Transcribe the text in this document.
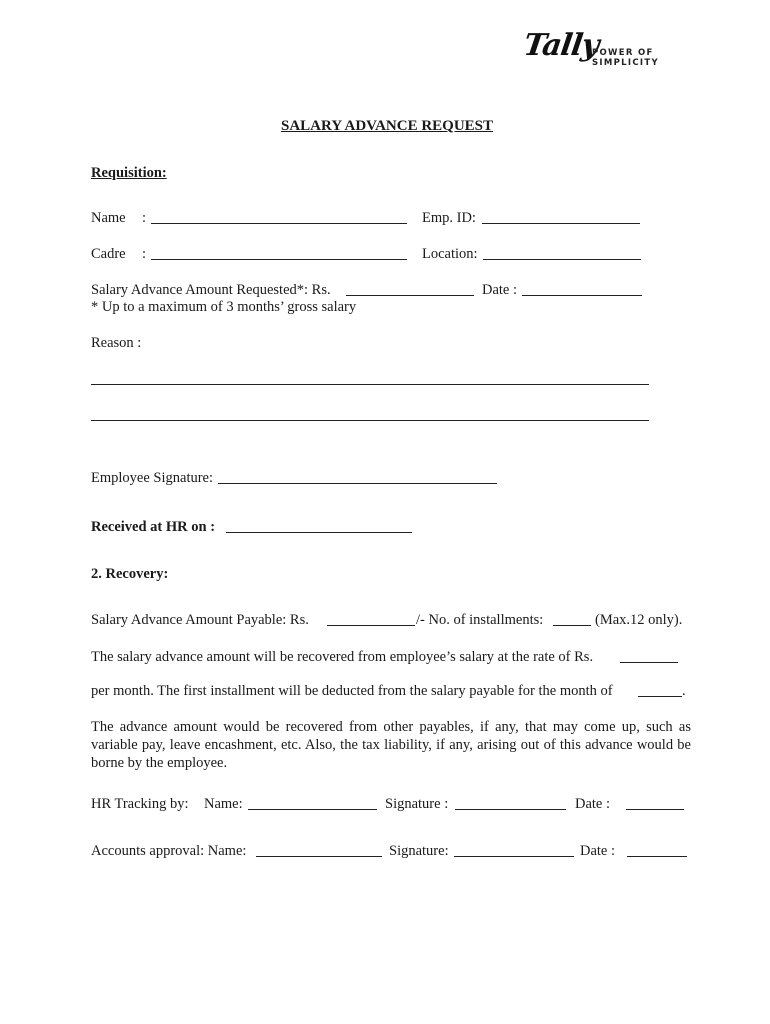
Tally
POWER OF SIMPLICITY
SALARY ADVANCE REQUEST
Requisition:
Name :	Emp. ID:
Cadre :	Location:
Salary Advance Amount Requested*: Rs.	Date :
* Up to a maximum of 3 months’ gross salary
Reason :
Employee Signature:
Received at HR on :
2. Recovery:
Salary Advance Amount Payable: Rs.	/- No. of installments:	(Max.12 only).
The salary advance amount will be recovered from employee’s salary at the rate of Rs.
per month. The first installment will be deducted from the salary payable for the month of	.
The advance amount would be recovered from other payables, if any, that may come up, such as variable pay, leave encashment, etc. Also, the tax liability, if any, arising out of this advance would be borne by the employee.
HR Tracking by: Name:	Signature :	Date :
Accounts approval: Name:	Signature:	Date :
